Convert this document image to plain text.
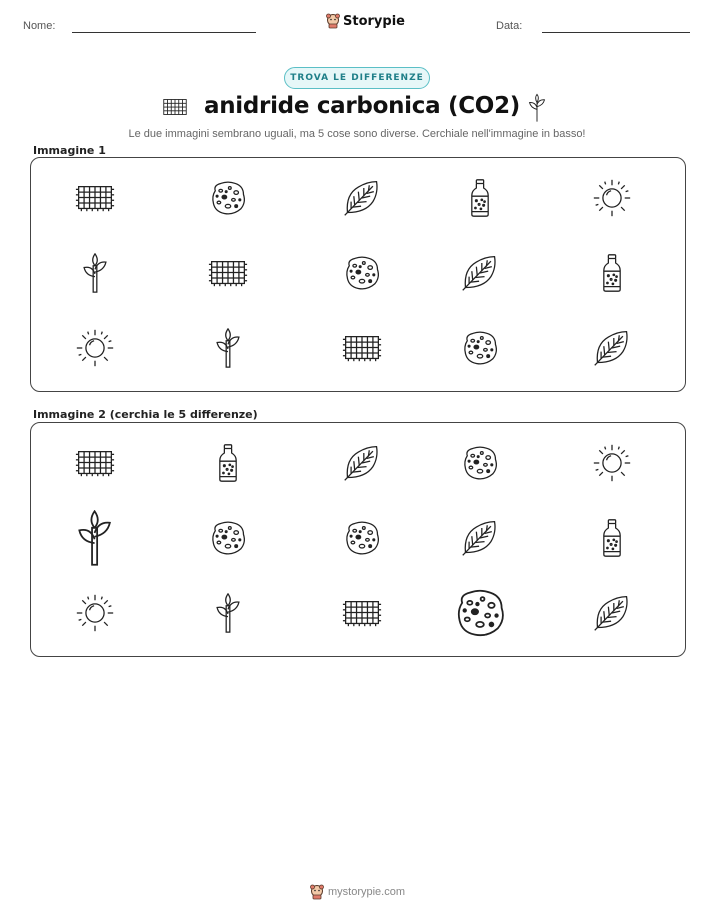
Nome:	Storypie	Data:
TROVA LE DIFFERENZE
anidride carbonica (CO2)
Le due immagini sembrano uguali, ma 5 cose sono diverse. Cerchiale nell'immagine in basso!
Immagine 1
Immagine 2 (cerchia le 5 differenze)
mystorypie.com
